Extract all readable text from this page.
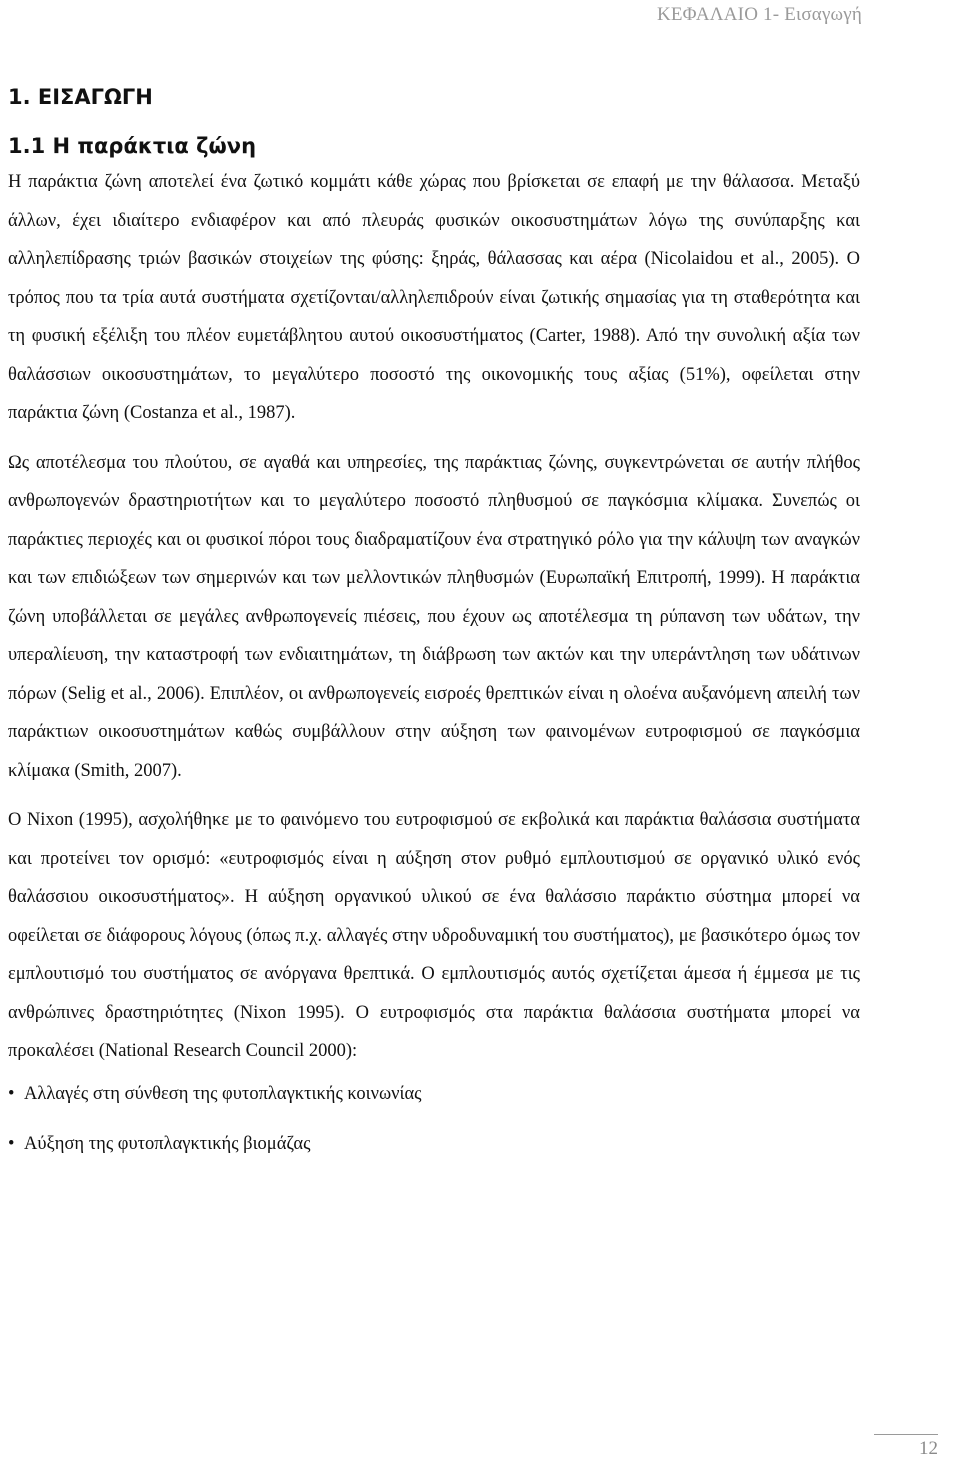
ΚΕΦΑΛΑΙΟ 1- Εισαγωγή
1. ΕΙΣΑΓΩΓΗ
1.1 Η παράκτια ζώνη

Η παράκτια ζώνη αποτελεί ένα ζωτικό κομμάτι κάθε χώρας που βρίσκεται σε επαφή με την θάλασσα. Μεταξύ άλλων, έχει ιδιαίτερο ενδιαφέρον και από πλευράς φυσικών οικοσυστημάτων λόγω της συνύπαρξης και αλληλεπίδρασης τριών βασικών στοιχείων της φύσης: ξηράς, θάλασσας και αέρα (Nicolaidou et al., 2005). Ο τρόπος που τα τρία αυτά συστήματα σχετίζονται/αλληλεπιδρούν είναι ζωτικής σημασίας για τη σταθερότητα και τη φυσική εξέλιξη του πλέον ευμετάβλητου αυτού οικοσυστήματος (Carter, 1988). Από την συνολική αξία των θαλάσσιων οικοσυστημάτων, το μεγαλύτερο ποσοστό της οικονομικής τους αξίας (51%), οφείλεται στην παράκτια ζώνη (Costanza et al., 1987).

Ως αποτέλεσμα του πλούτου, σε αγαθά και υπηρεσίες, της παράκτιας ζώνης, συγκεντρώνεται σε αυτήν πλήθος ανθρωπογενών δραστηριοτήτων και το μεγαλύτερο ποσοστό πληθυσμού σε παγκόσμια κλίμακα. Συνεπώς οι παράκτιες περιοχές και οι φυσικοί πόροι τους διαδραματίζουν ένα στρατηγικό ρόλο για την κάλυψη των αναγκών και των επιδιώξεων των σημερινών και των μελλοντικών πληθυσμών (Ευρωπαϊκή Επιτροπή, 1999). Η παράκτια ζώνη υποβάλλεται σε μεγάλες ανθρωπογενείς πιέσεις, που έχουν ως αποτέλεσμα τη ρύπανση των υδάτων, την υπεραλίευση, την καταστροφή των ενδιαιτημάτων, τη διάβρωση των ακτών και την υπεράντληση των υδάτινων πόρων (Selig et al., 2006). Επιπλέον, οι ανθρωπογενείς εισροές θρεπτικών είναι η ολοένα αυξανόμενη απειλή των παράκτιων οικοσυστημάτων καθώς συμβάλλουν στην αύξηση των φαινομένων ευτροφισμού σε παγκόσμια κλίμακα (Smith, 2007).

Ο Nixon (1995), ασχολήθηκε με το φαινόμενο του ευτροφισμού σε εκβολικά και παράκτια θαλάσσια συστήματα και προτείνει τον ορισμό: «ευτροφισμός είναι η αύξηση στον ρυθμό εμπλουτισμού σε οργανικό υλικό ενός θαλάσσιου οικοσυστήματος». Η αύξηση οργανικού υλικού σε ένα θαλάσσιο παράκτιο σύστημα μπορεί να οφείλεται σε διάφορους λόγους (όπως π.χ. αλλαγές στην υδροδυναμική του συστήματος), με βασικότερο όμως τον εμπλουτισμό του συστήματος σε ανόργανα θρεπτικά. Ο εμπλουτισμός αυτός σχετίζεται άμεσα ή έμμεσα με τις ανθρώπινες δραστηριότητες (Nixon 1995). Ο ευτροφισμός στα παράκτια θαλάσσια συστήματα μπορεί να προκαλέσει (National Research Council 2000):

• Αλλαγές στη σύνθεση της φυτοπλαγκτικής κοινωνίας
• Αύξηση της φυτοπλαγκτικής βιομάζας
12
